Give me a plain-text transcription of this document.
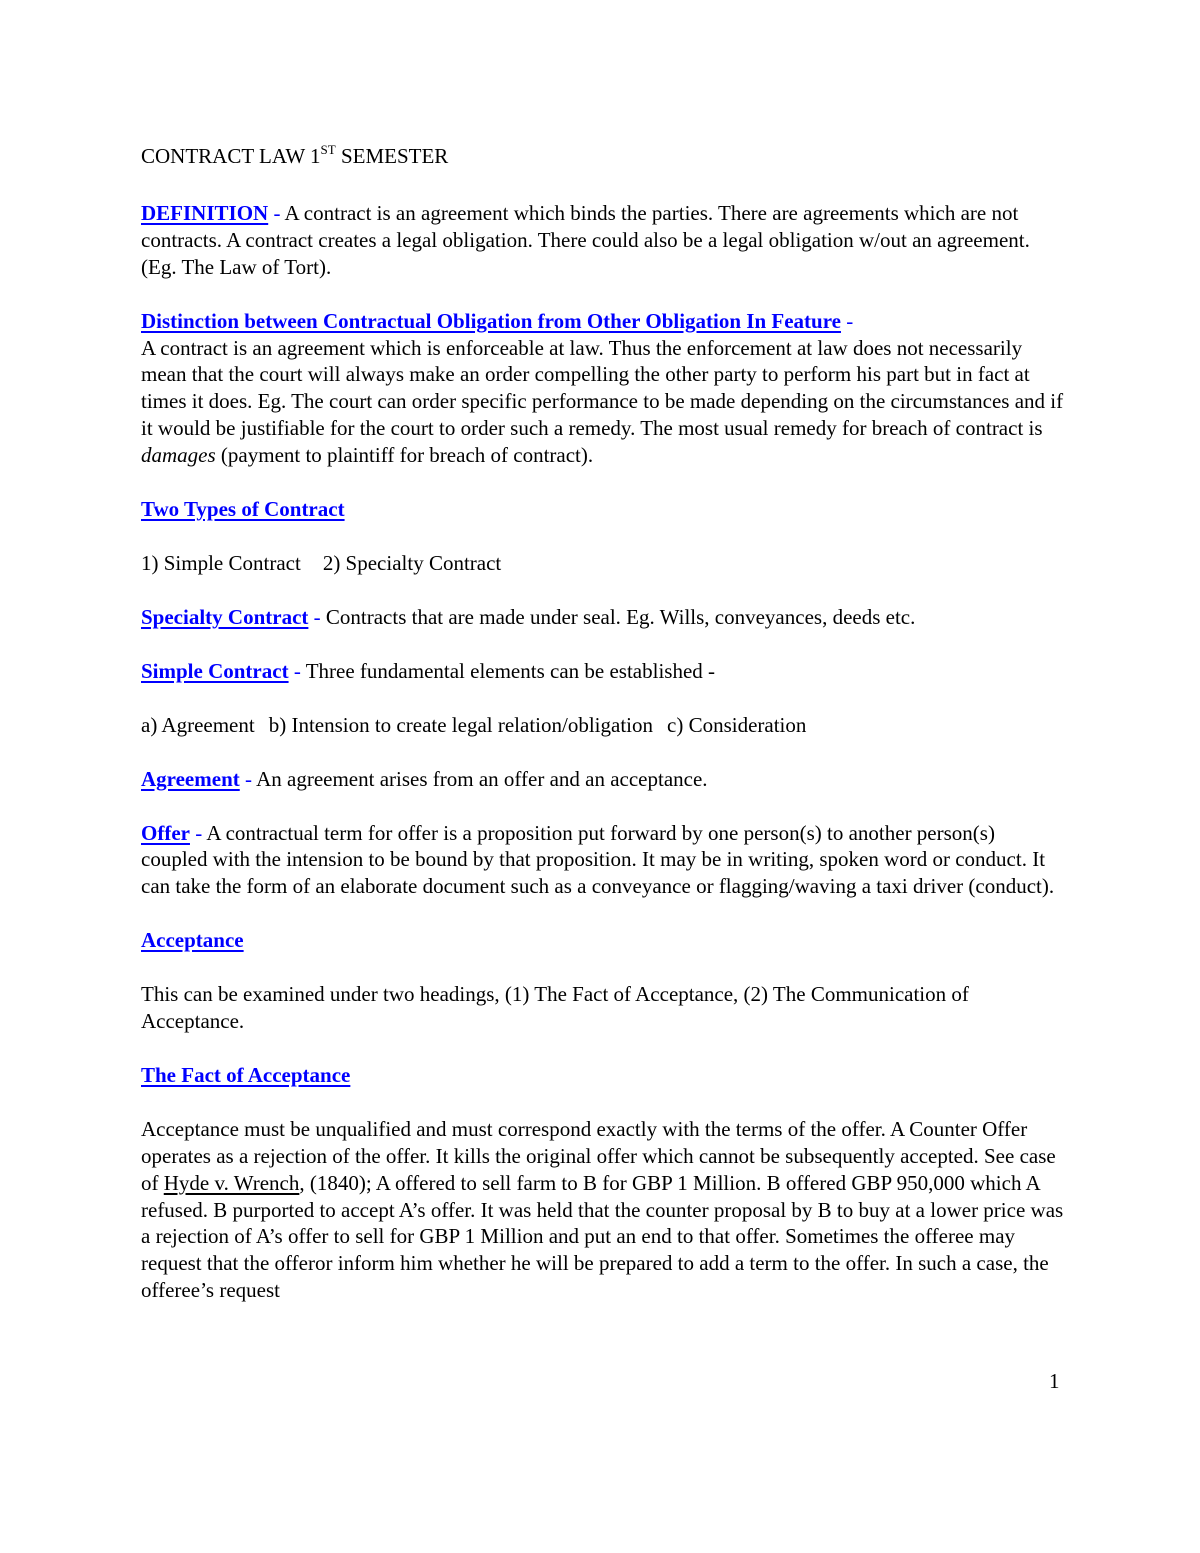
CONTRACT LAW 1ST SEMESTER

DEFINITION - A contract is an agreement which binds the parties. There are agreements which are not contracts. A contract creates a legal obligation. There could also be a legal obligation w/out an agreement. (Eg. The Law of Tort).

Distinction between Contractual Obligation from Other Obligation In Feature -
A contract is an agreement which is enforceable at law. Thus the enforcement at law does not necessarily mean that the court will always make an order compelling the other party to perform his part but in fact at times it does. Eg. The court can order specific performance to be made depending on the circumstances and if it would be justifiable for the court to order such a remedy. The most usual remedy for breach of contract is damages (payment to plaintiff for breach of contract).

Two Types of Contract

1) Simple Contract 2) Specialty Contract

Specialty Contract - Contracts that are made under seal. Eg. Wills, conveyances, deeds etc.

Simple Contract - Three fundamental elements can be established -

a) Agreement b) Intension to create legal relation/obligation c) Consideration

Agreement - An agreement arises from an offer and an acceptance.

Offer - A contractual term for offer is a proposition put forward by one person(s) to another person(s) coupled with the intension to be bound by that proposition. It may be in writing, spoken word or conduct. It can take the form of an elaborate document such as a conveyance or flagging/waving a taxi driver (conduct).

Acceptance

This can be examined under two headings, (1) The Fact of Acceptance, (2) The Communication of Acceptance.

The Fact of Acceptance

Acceptance must be unqualified and must correspond exactly with the terms of the offer. A Counter Offer operates as a rejection of the offer. It kills the original offer which cannot be subsequently accepted. See case of Hyde v. Wrench, (1840); A offered to sell farm to B for GBP 1 Million. B offered GBP 950,000 which A refused. B purported to accept A’s offer. It was held that the counter proposal by B to buy at a lower price was a rejection of A’s offer to sell for GBP 1 Million and put an end to that offer. Sometimes the offeree may request that the offeror inform him whether he will be prepared to add a term to the offer. In such a case, the offeree’s request

1
